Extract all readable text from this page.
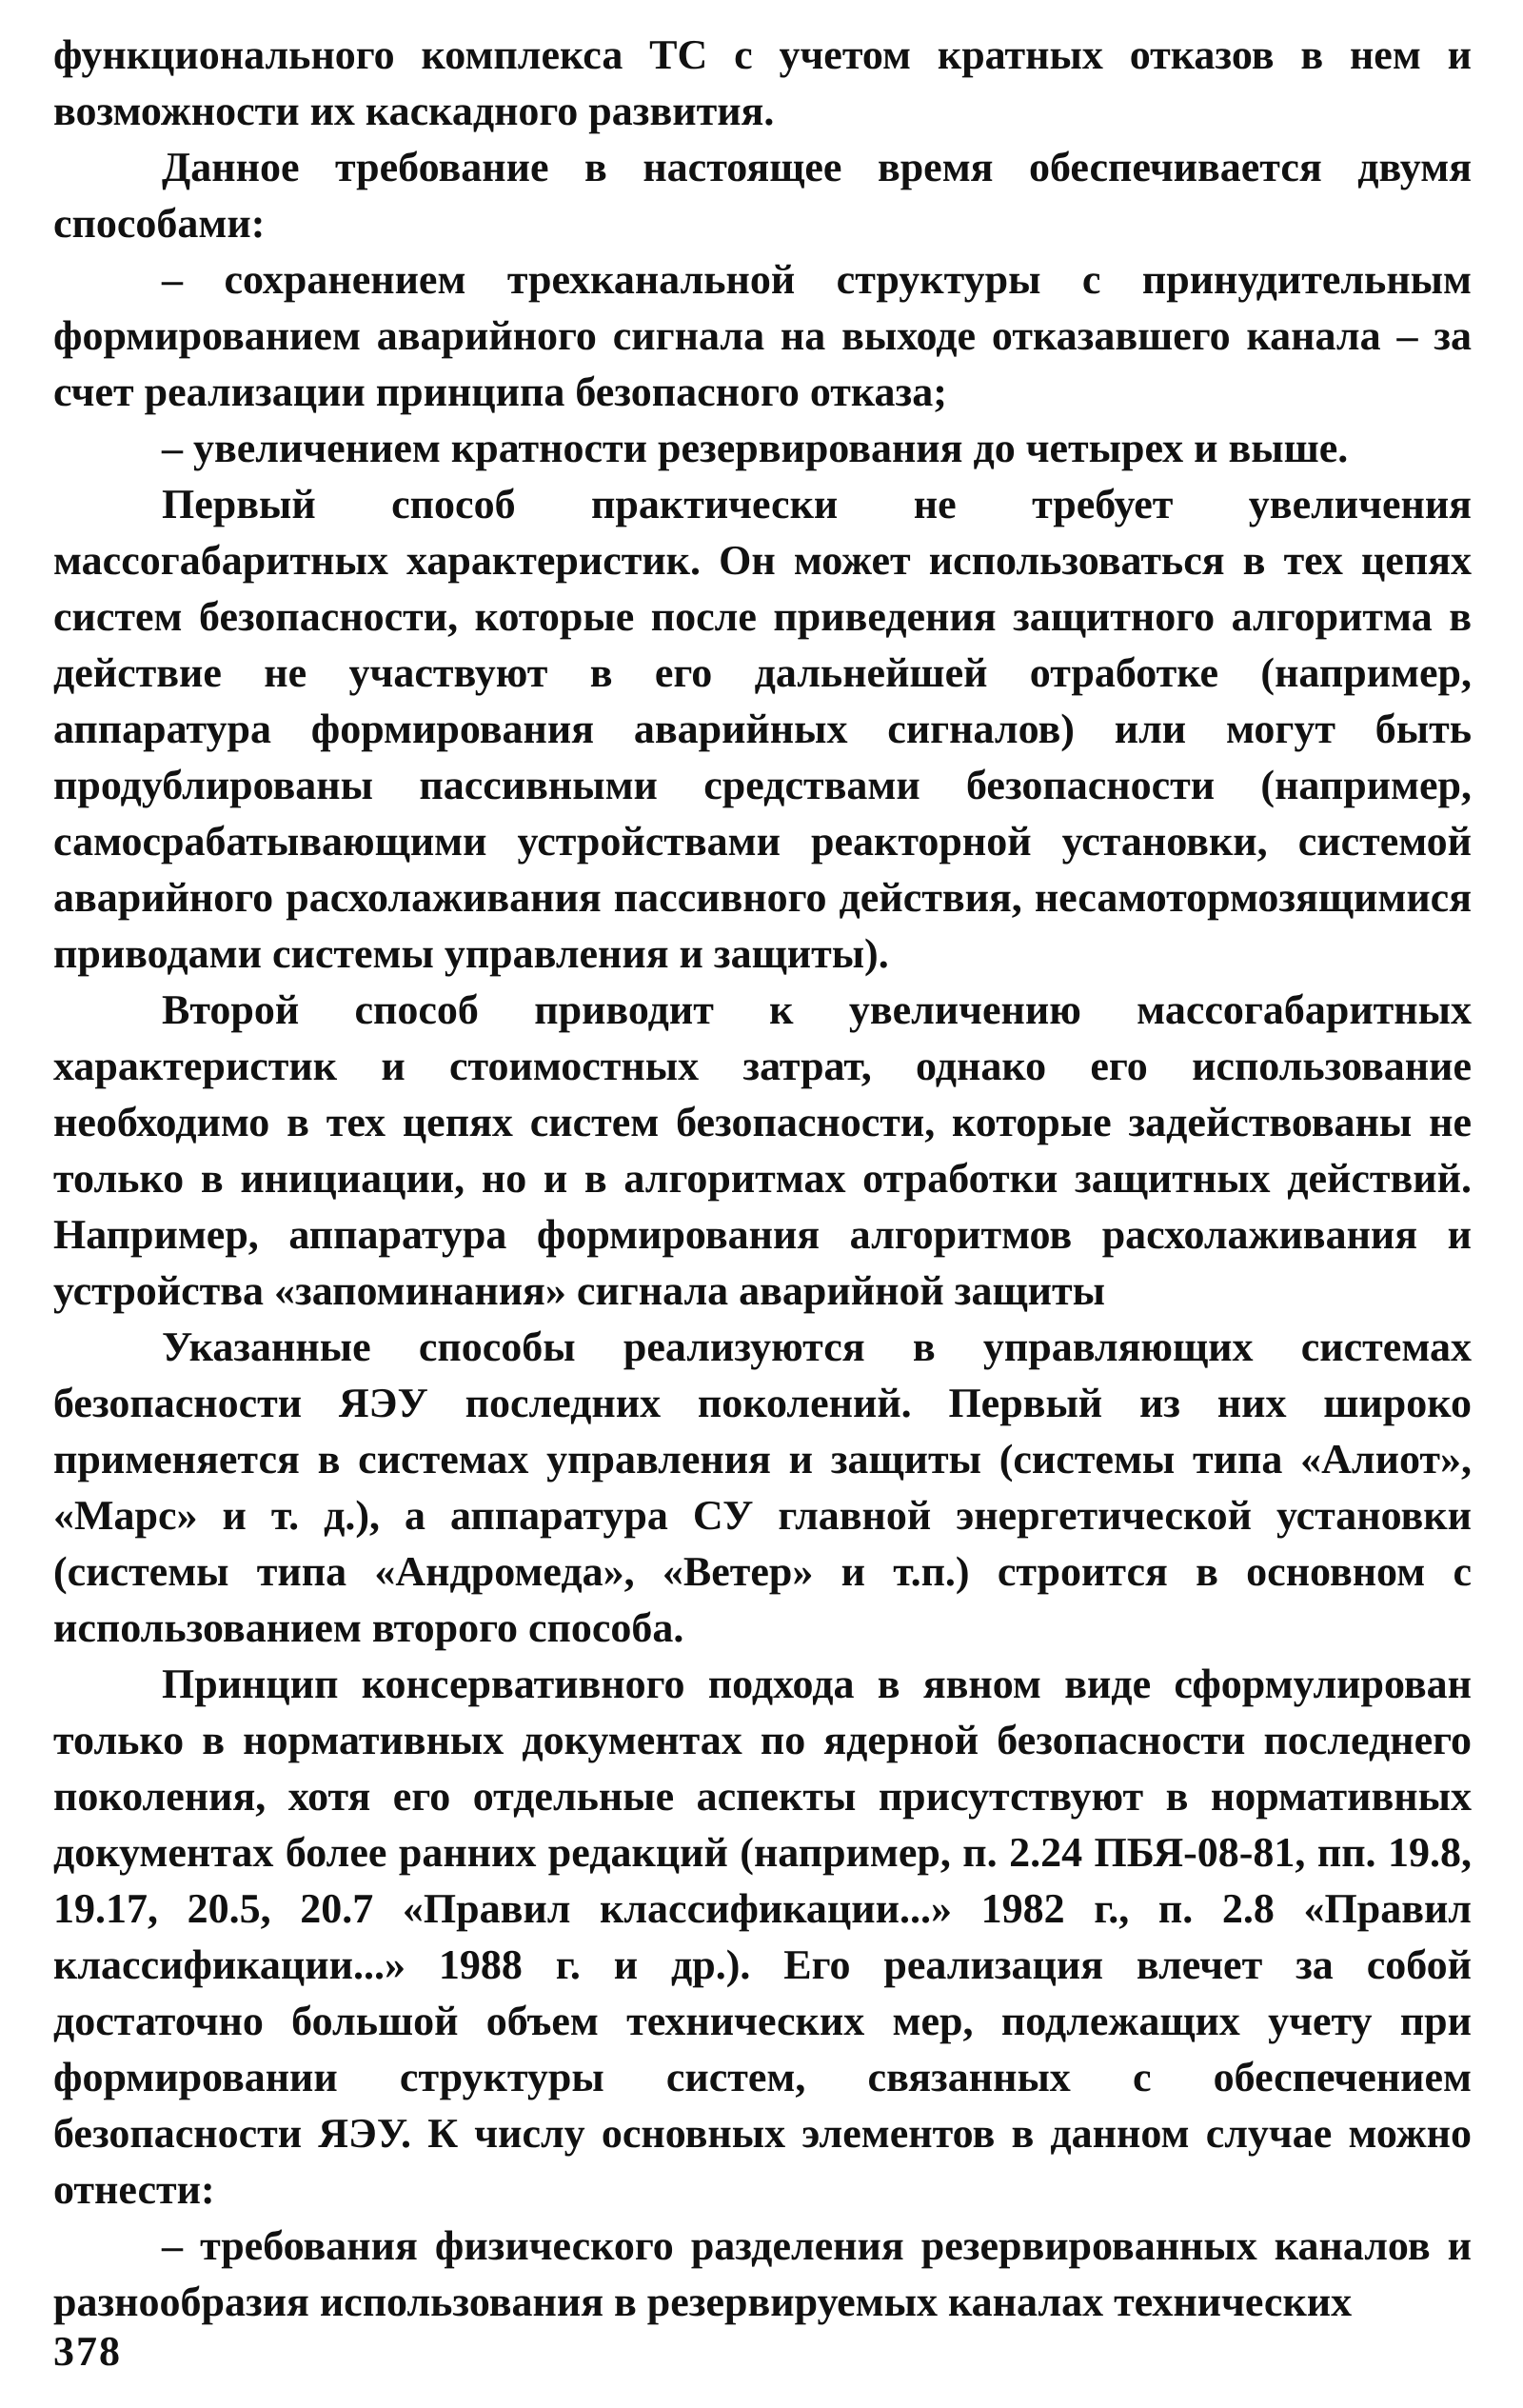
функционального комплекса ТС с учетом кратных отказов в нем и возможности их каскадного развития.

Данное требование в настоящее время обеспечивается двумя способами:

– сохранением трехканальной структуры с принудительным формированием аварийного сигнала на выходе отказавшего канала – за счет реализации принципа безопасного отказа;

– увеличением кратности резервирования до четырех и выше.

Первый способ практически не требует увеличения массогабаритных характеристик. Он может использоваться в тех цепях систем безопасности, которые после приведения защитного алгоритма в действие не участвуют в его дальнейшей отработке (например, аппаратура формирования аварийных сигналов) или могут быть продублированы пассивными средствами безопасности (например, самосрабатывающими устройствами реакторной установки, системой аварийного расхолаживания пассивного действия, несамотормозящимися приводами системы управления и защиты).

Второй способ приводит к увеличению массогабаритных характеристик и стоимостных затрат, однако его использование необходимо в тех цепях систем безопасности, которые задействованы не только в инициации, но и в алгоритмах отработки защитных действий. Например, аппаратура формирования алгоритмов расхолаживания и устройства «запоминания» сигнала аварийной защиты

Указанные способы реализуются в управляющих системах безопасности ЯЭУ последних поколений. Первый из них широко применяется в системах управления и защиты (системы типа «Алиот», «Марс» и т. д.), а аппаратура СУ главной энергетической установки (системы типа «Андромеда», «Ветер» и т.п.) строится в основном с использованием второго способа.

Принцип консервативного подхода в явном виде сформулирован только в нормативных документах по ядерной безопасности последнего поколения, хотя его отдельные аспекты присутствуют в нормативных документах более ранних редакций (например, п. 2.24 ПБЯ-08-81, пп. 19.8, 19.17, 20.5, 20.7 «Правил классификации...» 1982 г., п. 2.8 «Правил классификации...» 1988 г. и др.). Его реализация влечет за собой достаточно большой объем технических мер, подлежащих учету при формировании структуры систем, связанных с обеспечением безопасности ЯЭУ. К числу основных элементов в данном случае можно отнести:

– требования физического разделения резервированных каналов и разнообразия использования в резервируемых каналах технических

378
